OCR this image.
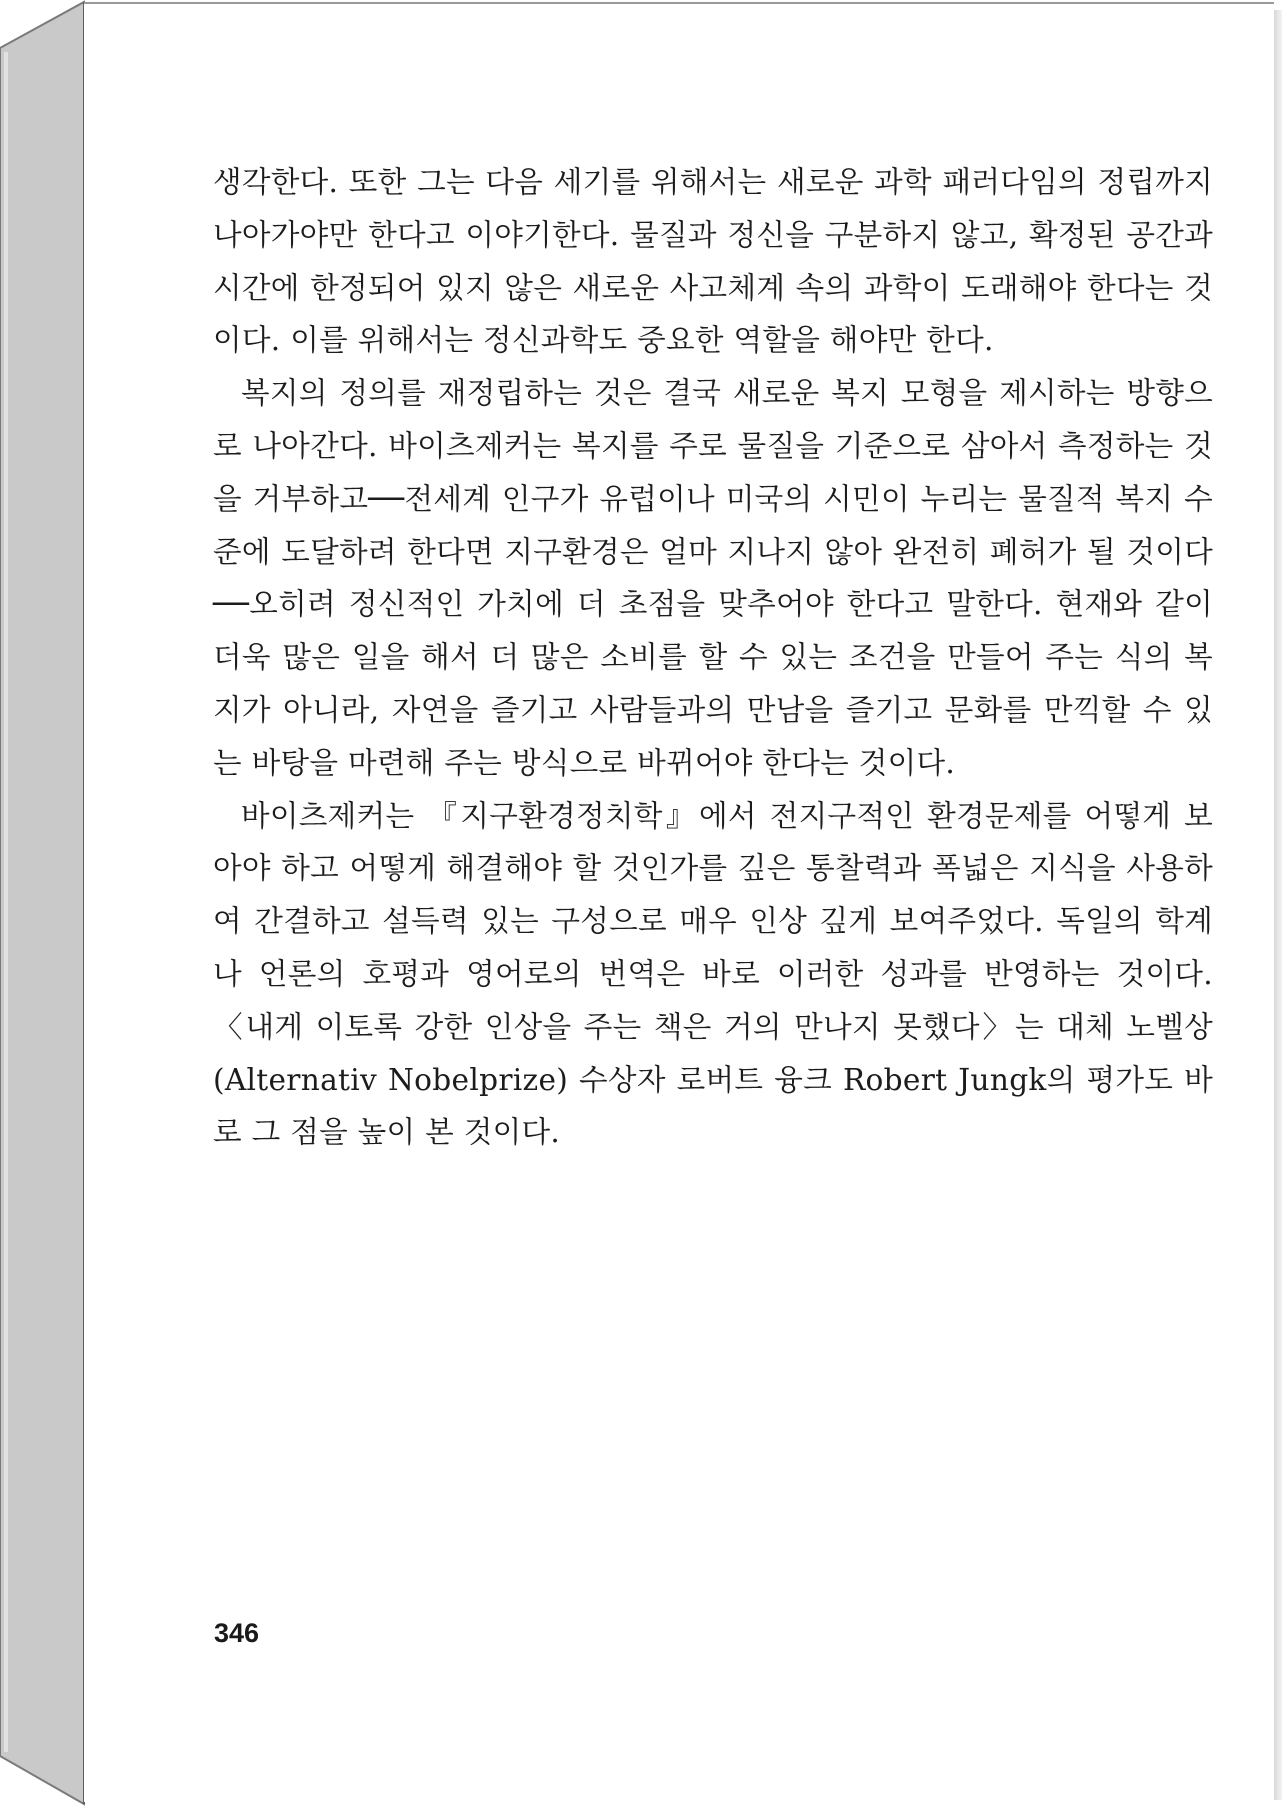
생각한다. 또한 그는 다음 세기를 위해서는 새로운 과학 패러다임의 정립까지 나아가야만 한다고 이야기한다. 물질과 정신을 구분하지 않고, 확정된 공간과 시간에 한정되어 있지 않은 새로운 사고체계 속의 과학이 도래해야 한다는 것이다. 이를 위해서는 정신과학도 중요한 역할을 해야만 한다.

복지의 정의를 재정립하는 것은 결국 새로운 복지 모형을 제시하는 방향으로 나아간다. 바이츠제커는 복지를 주로 물질을 기준으로 삼아서 측정하는 것을 거부하고──전세계 인구가 유럽이나 미국의 시민이 누리는 물질적 복지 수준에 도달하려 한다면 지구환경은 얼마 지나지 않아 완전히 폐허가 될 것이다──오히려 정신적인 가치에 더 초점을 맞추어야 한다고 말한다. 현재와 같이 더욱 많은 일을 해서 더 많은 소비를 할 수 있는 조건을 만들어 주는 식의 복지가 아니라, 자연을 즐기고 사람들과의 만남을 즐기고 문화를 만끽할 수 있는 바탕을 마련해 주는 방식으로 바뀌어야 한다는 것이다.

바이츠제커는 『지구환경정치학』에서 전지구적인 환경문제를 어떻게 보아야 하고 어떻게 해결해야 할 것인가를 깊은 통찰력과 폭넓은 지식을 사용하여 간결하고 설득력 있는 구성으로 매우 인상 깊게 보여주었다. 독일의 학계나 언론의 호평과 영어로의 번역은 바로 이러한 성과를 반영하는 것이다. 〈내게 이토록 강한 인상을 주는 책은 거의 만나지 못했다〉는 대체 노벨상(Alternativ Nobelprize) 수상자 로버트 융크 Robert Jungk의 평가도 바로 그 점을 높이 본 것이다.

346
